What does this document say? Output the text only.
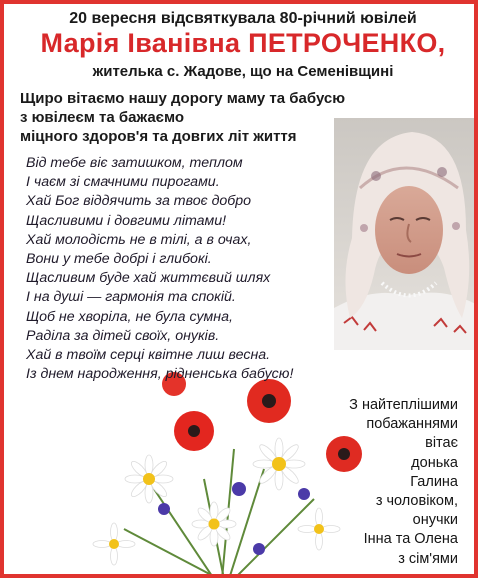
20 вересня відсвяткувала 80-річний ювілей
Марія Іванівна ПЕТРОЧЕНКО,
жителька с. Жадове, що на Семенівщині
Щиро вітаємо нашу дорогу маму та бабусю
з ювілеєм та бажаємо
міцного здоров'я та довгих літ життя
Від тебе віє затишком, теплом
І чаєм зі смачними пирогами.
Хай Бог віддячить за твоє добро
Щасливими і довгими літами!
Хай молодість не в тілі, а в очах,
Вони у тебе добрі і глибокі.
Щасливим буде хай життєвий шлях
І на душі — гармонія та спокій.
Щоб не хворіла, не була сумна,
Раділа за дітей своїх, онуків.
Хай в твоїм серці квітне лиш весна.
Із днем народження, рідненська бабусю!
З найтеплішими
побажаннями
вітає
донька
Галина
з чоловіком,
онучки
Інна та Олена
з сім'ями
